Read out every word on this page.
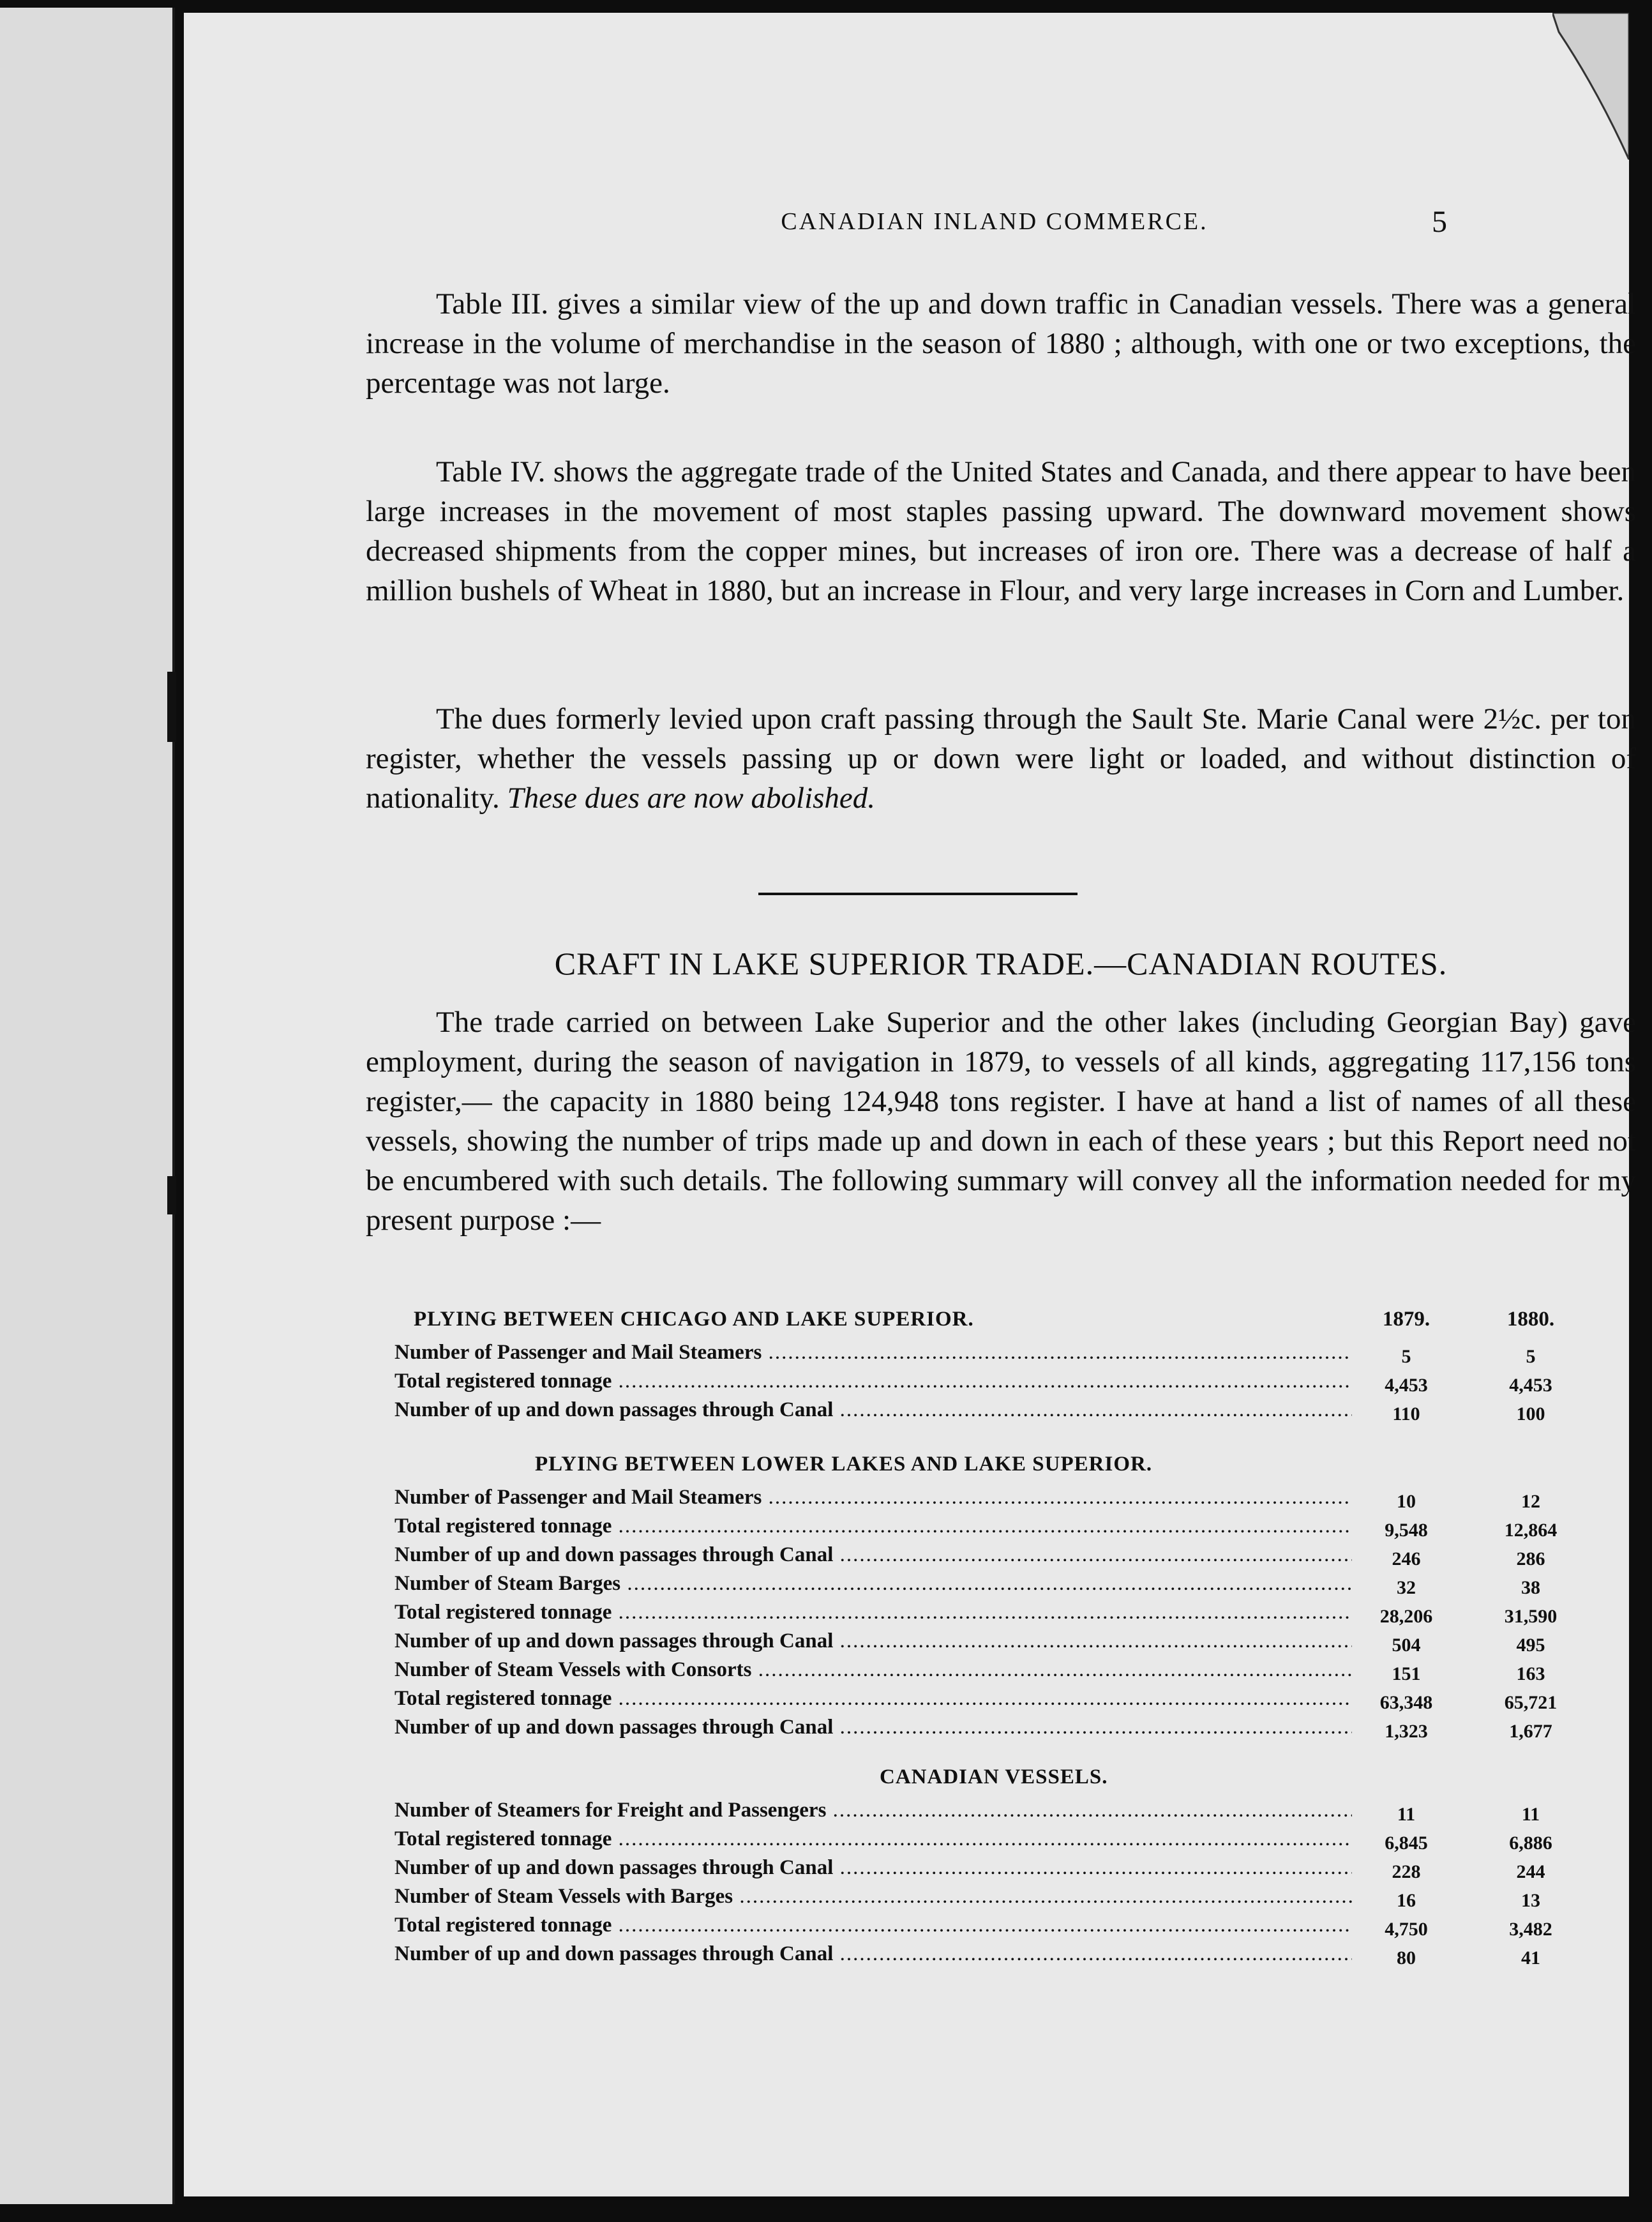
CANADIAN INLAND COMMERCE.	5

Table III. gives a similar view of the up and down traffic in Canadian vessels. There was a general increase in the volume of merchandise in the season of 1880 ; although, with one or two exceptions, the percentage was not large.

Table IV. shows the aggregate trade of the United States and Canada, and there appear to have been large increases in the movement of most staples passing upward. The downward movement shows decreased shipments from the copper mines, but increases of iron ore. There was a decrease of half a million bushels of Wheat in 1880, but an increase in Flour, and very large increases in Corn and Lumber.

The dues formerly levied upon craft passing through the Sault Ste. Marie Canal were 2½c. per ton register, whether the vessels passing up or down were light or loaded, and without distinction of nationality. These dues are now abolished.

CRAFT IN LAKE SUPERIOR TRADE.—CANADIAN ROUTES.

The trade carried on between Lake Superior and the other lakes (including Georgian Bay) gave employment, during the season of navigation in 1879, to vessels of all kinds, aggregating 117,156 tons register,— the capacity in 1880 being 124,948 tons register. I have at hand a list of names of all these vessels, showing the number of trips made up and down in each of these years ; but this Report need not be encumbered with such details. The following summary will convey all the information needed for my present purpose :—

PLYING BETWEEN CHICAGO AND LAKE SUPERIOR.	1879.	1880.
Number of Passenger and Mail Steamers .....	5	5
Total registered tonnage .....	4,453	4,453
Number of up and down passages through Canal .....	110	100
PLYING BETWEEN LOWER LAKES AND LAKE SUPERIOR.
Number of Passenger and Mail Steamers .....	10	12
Total registered tonnage .....	9,548	12,864
Number of up and down passages through Canal .....	246	286
Number of Steam Barges .....	32	38
Total registered tonnage .....	28,206	31,590
Number of up and down passages through Canal .....	504	495
Number of Steam Vessels with Consorts .....	151	163
Total registered tonnage .....	63,348	65,721
Number of up and down passages through Canal .....	1,323	1,677
CANADIAN VESSELS.
Number of Steamers for Freight and Passengers .....	11	11
Total registered tonnage .....	6,845	6,886
Number of up and down passages through Canal .....	228	244
Number of Steam Vessels with Barges .....	16	13
Total registered tonnage .....	4,750	3,482
Number of up and down passages through Canal .....	80	41
